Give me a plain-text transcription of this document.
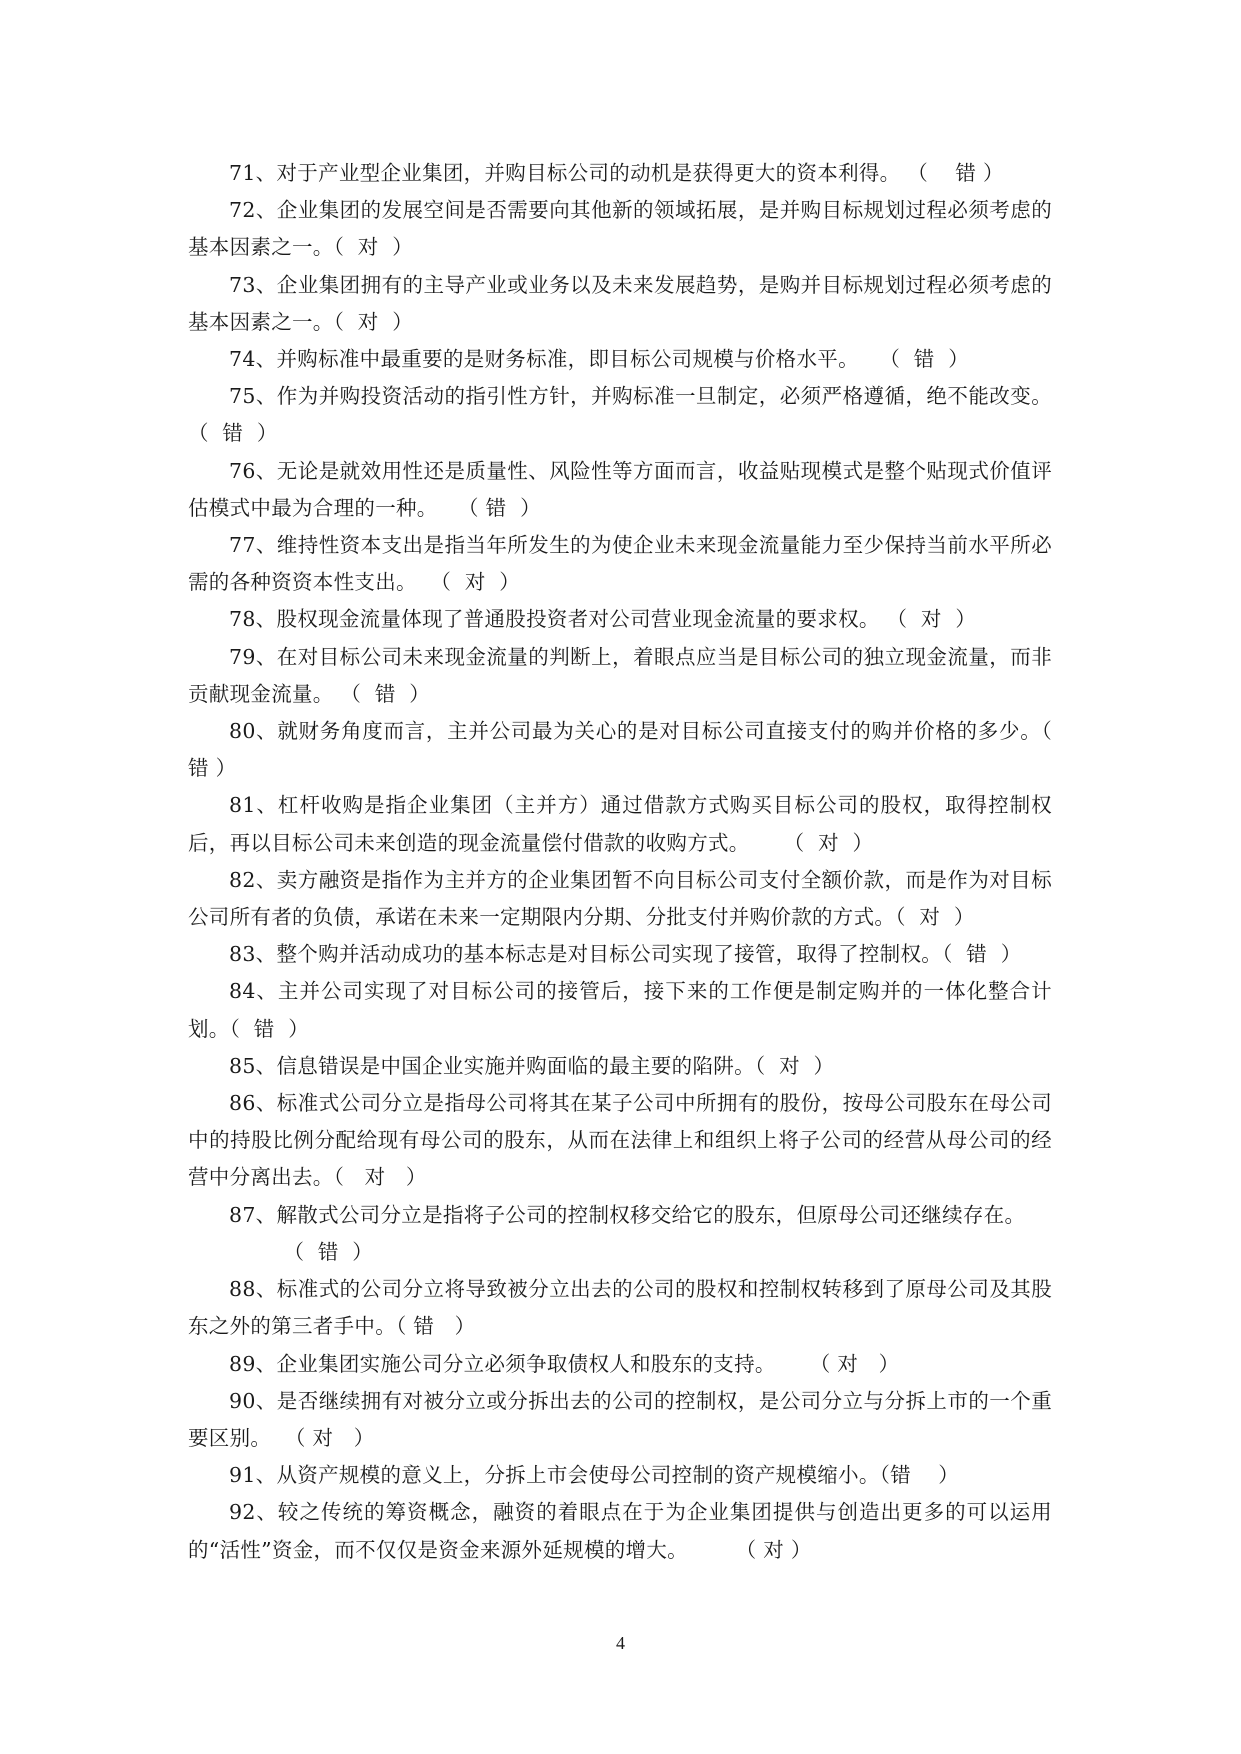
71、对于产业型企业集团，并购目标公司的动机是获得更大的资本利得。 （    错 ）

72、企业集团的发展空间是否需要向其他新的领域拓展，是并购目标规划过程必须考虑的基本因素之一。（  对  ）

73、企业集团拥有的主导产业或业务以及未来发展趋势，是购并目标规划过程必须考虑的基本因素之一。（  对  ）

74、并购标准中最重要的是财务标准，即目标公司规模与价格水平。   （  错  ）

75、作为并购投资活动的指引性方针，并购标准一旦制定，必须严格遵循，绝不能改变。（  错  ）

76、无论是就效用性还是质量性、风险性等方面而言，收益贴现模式是整个贴现式价值评估模式中最为合理的一种。   （ 错  ）

77、维持性资本支出是指当年所发生的为使企业未来现金流量能力至少保持当前水平所必需的各种资资本性支出。  （  对  ）

78、股权现金流量体现了普通股投资者对公司营业现金流量的要求权。 （  对  ）

79、在对目标公司未来现金流量的判断上，着眼点应当是目标公司的独立现金流量，而非贡献现金流量。 （  错  ）

80、就财务角度而言，主并公司最为关心的是对目标公司直接支付的购并价格的多少。（  错 ）

81、杠杆收购是指企业集团（主并方）通过借款方式购买目标公司的股权，取得控制权后，再以目标公司未来创造的现金流量偿付借款的收购方式。     （  对  ）

82、卖方融资是指作为主并方的企业集团暂不向目标公司支付全额价款，而是作为对目标公司所有者的负债，承诺在未来一定期限内分期、分批支付并购价款的方式。（  对  ）

83、整个购并活动成功的基本标志是对目标公司实现了接管，取得了控制权。（  错  ）

84、主并公司实现了对目标公司的接管后，接下来的工作便是制定购并的一体化整合计划。（  错  ）

85、信息错误是中国企业实施并购面临的最主要的陷阱。（  对  ）

86、标准式公司分立是指母公司将其在某子公司中所拥有的股份，按母公司股东在母公司中的持股比例分配给现有母公司的股东，从而在法律上和组织上将子公司的经营从母公司的经营中分离出去。（   对   ）

87、解散式公司分立是指将子公司的控制权移交给它的股东，但原母公司还继续存在。
（  错  ）

88、标准式的公司分立将导致被分立出去的公司的股权和控制权转移到了原母公司及其股东之外的第三者手中。（ 错   ）

89、企业集团实施公司分立必须争取债权人和股东的支持。     （ 对   ）

90、是否继续拥有对被分立或分拆出去的公司的控制权，是公司分立与分拆上市的一个重要区别。  （ 对   ）

91、从资产规模的意义上，分拆上市会使母公司控制的资产规模缩小。（错    ）

92、较之传统的筹资概念，融资的着眼点在于为企业集团提供与创造出更多的可以运用的“活性”资金，而不仅仅是资金来源外延规模的增大。       （ 对 ）

4
